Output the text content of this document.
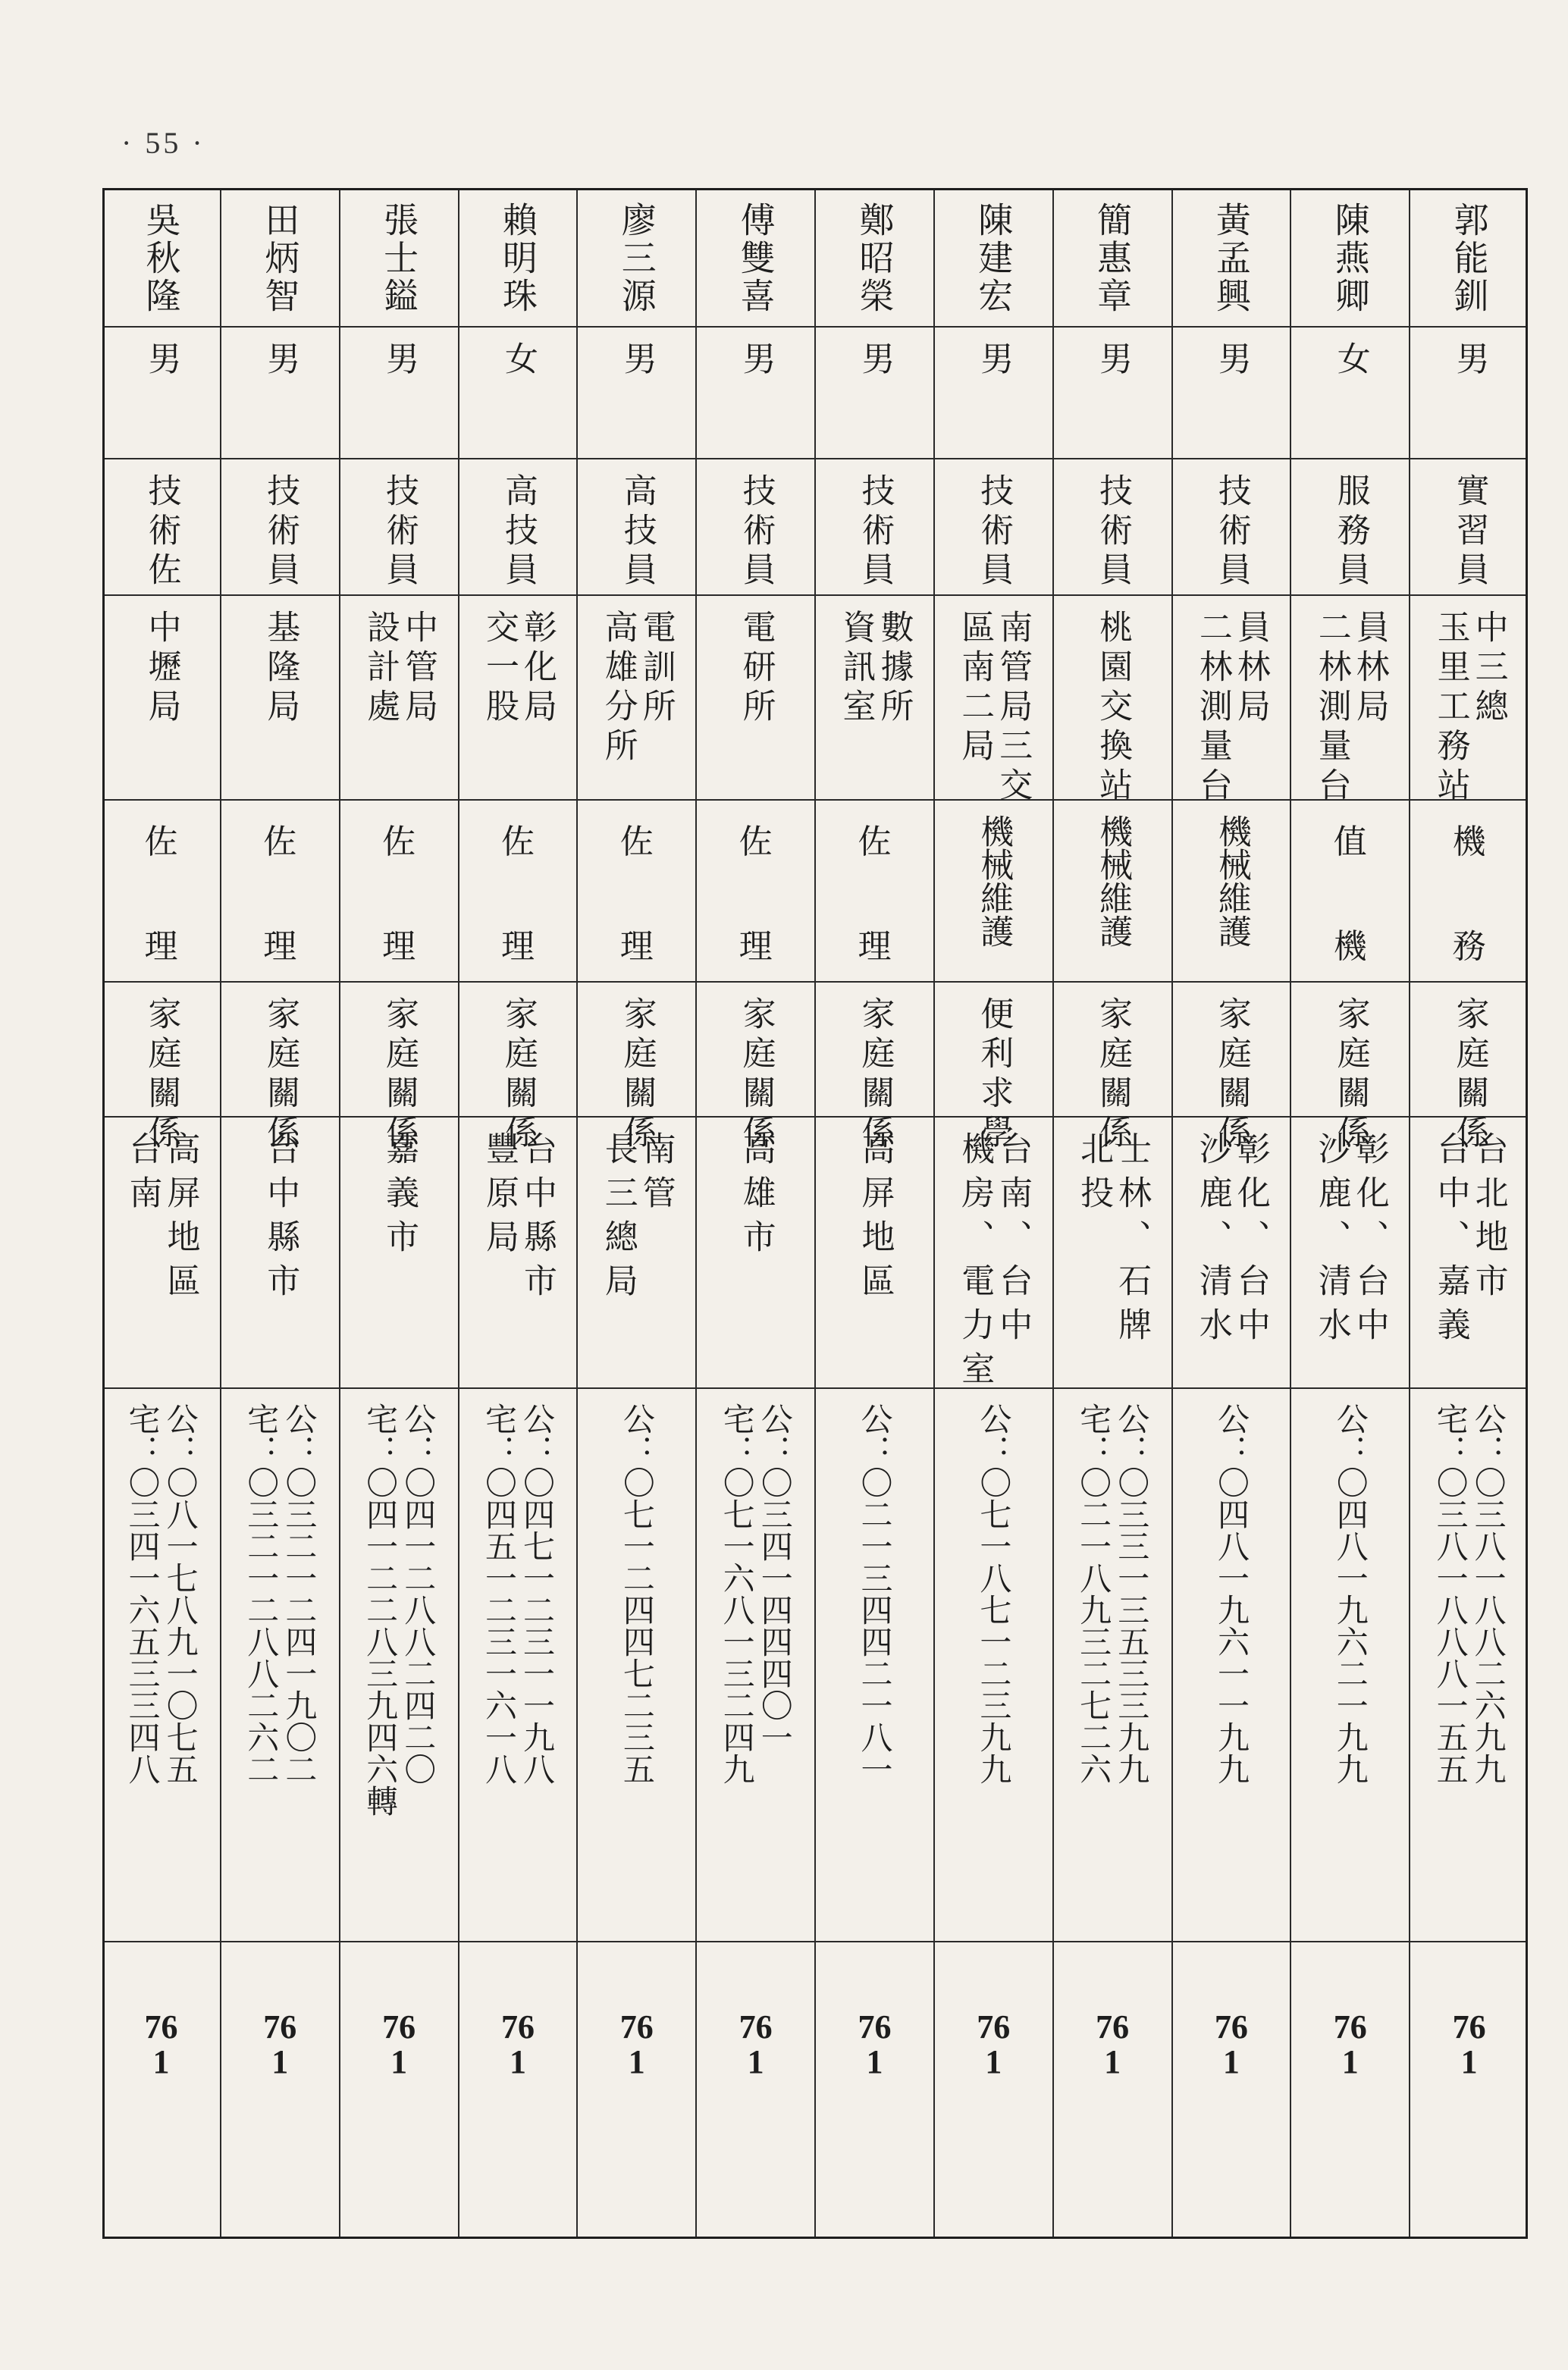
· 55 ·
郭能釧
男
實習員
中三總
玉里工務站
機
務
家庭關係
台北地市
台中、嘉義
公：〇三八一八八二六九九
宅：〇三八一八八八一五五
76
1
陳燕卿
女
服務員
員林局
二林測量台
值
機
家庭關係
彰化、台中
沙鹿、清水
公：〇四八一九六二一九九
76
1
黃孟興
男
技術員
員林局
二林測量台
機械維護
家庭關係
彰化、台中
沙鹿、清水
公：〇四八一九六一一九九
76
1
簡惠章
男
技術員
桃園交換站
機械維護
家庭關係
士林、石牌
北投
公：〇三三一三五三三九九
宅：〇二一八九三二七二六
76
1
陳建宏
男
技術員
南管局三交
區南二局
機械維護
便利求學
台南、台中
機房、電力室
公：〇七一八七一二三九九
76
1
鄭昭榮
男
技術員
數據所
資訊室
佐
理
家庭關係
高屏地區
公：〇二一三四四二一八一
76
1
傅雙喜
男
技術員
電研所
佐
理
家庭關係
高雄市
公：〇三四一四四四〇一
宅：〇七一六八一三二四九
76
1
廖三源
男
高技員
電訓所
高雄分所
佐
理
家庭關係
南管
長三總局
公：〇七一二四四七二三五
76
1
賴明珠
女
高技員
彰化局
交一股
佐
理
家庭關係
台中縣市
豐原局
公：〇四七一二三一一九八
宅：〇四五一二三一六一八
76
1
張士鎰
男
技術員
中管局
設計處
佐
理
家庭關係
嘉義市
公：〇四一二八八二四二〇
宅：〇四一二二八三九四六轉
76
1
田炳智
男
技術員
基隆局
佐
理
家庭關係
台中縣市
公：〇三二一二四一九〇二
宅：〇三二一二八八二六二
76
1
吳秋隆
男
技術佐
中壢局
佐
理
家庭關係
高屏地區
台南
公：〇八一七八九一〇七五
宅：〇三四一六五三三四八
76
1
